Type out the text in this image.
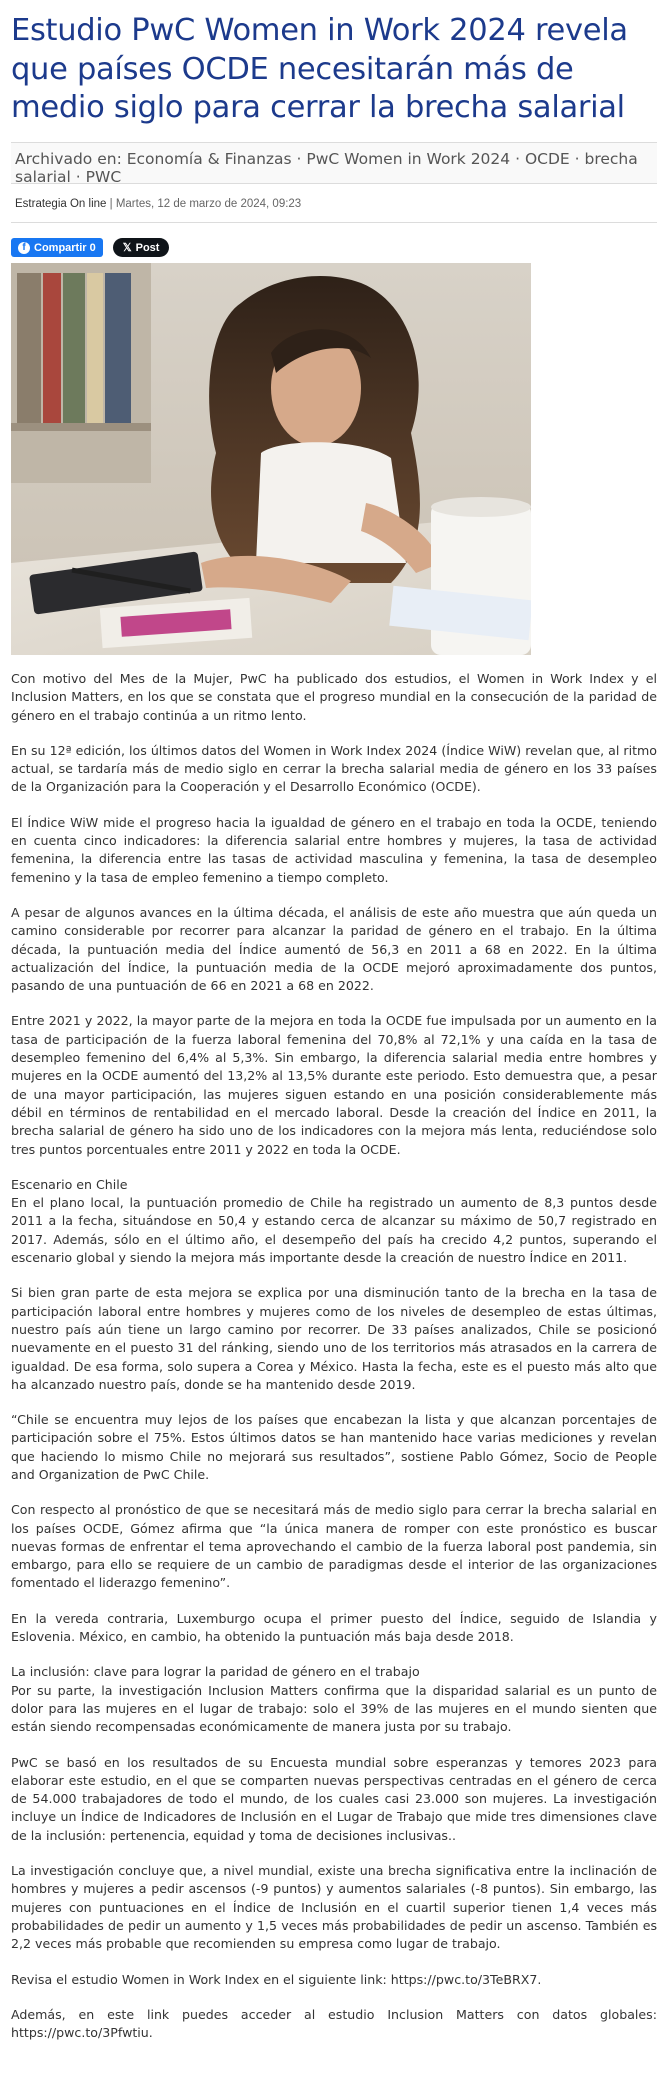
Estudio PwC Women in Work 2024 revela que países OCDE necesitarán más de medio siglo para cerrar la brecha salarial

Archivado en: Economía & Finanzas · PwC Women in Work 2024 · OCDE · brecha salarial · PWC

Estrategia On line | Martes, 12 de marzo de 2024, 09:23
f Compartir 0 𝕏 Post

Con motivo del Mes de la Mujer, PwC ha publicado dos estudios, el Women in Work Index y el Inclusion Matters, en los que se constata que el progreso mundial en la consecución de la paridad de género en el trabajo continúa a un ritmo lento.

En su 12ª edición, los últimos datos del Women in Work Index 2024 (Índice WiW) revelan que, al ritmo actual, se tardaría más de medio siglo en cerrar la brecha salarial media de género en los 33 países de la Organización para la Cooperación y el Desarrollo Económico (OCDE).

El Índice WiW mide el progreso hacia la igualdad de género en el trabajo en toda la OCDE, teniendo en cuenta cinco indicadores: la diferencia salarial entre hombres y mujeres, la tasa de actividad femenina, la diferencia entre las tasas de actividad masculina y femenina, la tasa de desempleo femenino y la tasa de empleo femenino a tiempo completo.

A pesar de algunos avances en la última década, el análisis de este año muestra que aún queda un camino considerable por recorrer para alcanzar la paridad de género en el trabajo. En la última década, la puntuación media del Índice aumentó de 56,3 en 2011 a 68 en 2022. En la última actualización del Índice, la puntuación media de la OCDE mejoró aproximadamente dos puntos, pasando de una puntuación de 66 en 2021 a 68 en 2022.

Entre 2021 y 2022, la mayor parte de la mejora en toda la OCDE fue impulsada por un aumento en la tasa de participación de la fuerza laboral femenina del 70,8% al 72,1% y una caída en la tasa de desempleo femenino del 6,4% al 5,3%. Sin embargo, la diferencia salarial media entre hombres y mujeres en la OCDE aumentó del 13,2% al 13,5% durante este periodo. Esto demuestra que, a pesar de una mayor participación, las mujeres siguen estando en una posición considerablemente más débil en términos de rentabilidad en el mercado laboral. Desde la creación del Índice en 2011, la brecha salarial de género ha sido uno de los indicadores con la mejora más lenta, reduciéndose solo tres puntos porcentuales entre 2011 y 2022 en toda la OCDE.

Escenario en Chile

En el plano local, la puntuación promedio de Chile ha registrado un aumento de 8,3 puntos desde 2011 a la fecha, situándose en 50,4 y estando cerca de alcanzar su máximo de 50,7 registrado en 2017. Además, sólo en el último año, el desempeño del país ha crecido 4,2 puntos, superando el escenario global y siendo la mejora más importante desde la creación de nuestro Índice en 2011.

Si bien gran parte de esta mejora se explica por una disminución tanto de la brecha en la tasa de participación laboral entre hombres y mujeres como de los niveles de desempleo de estas últimas, nuestro país aún tiene un largo camino por recorrer. De 33 países analizados, Chile se posicionó nuevamente en el puesto 31 del ránking, siendo uno de los territorios más atrasados en la carrera de igualdad. De esa forma, solo supera a Corea y México. Hasta la fecha, este es el puesto más alto que ha alcanzado nuestro país, donde se ha mantenido desde 2019.

“Chile se encuentra muy lejos de los países que encabezan la lista y que alcanzan porcentajes de participación sobre el 75%. Estos últimos datos se han mantenido hace varias mediciones y revelan que haciendo lo mismo Chile no mejorará sus resultados”, sostiene Pablo Gómez, Socio de People and Organization de PwC Chile.

Con respecto al pronóstico de que se necesitará más de medio siglo para cerrar la brecha salarial en los países OCDE, Gómez afirma que “la única manera de romper con este pronóstico es buscar nuevas formas de enfrentar el tema aprovechando el cambio de la fuerza laboral post pandemia, sin embargo, para ello se requiere de un cambio de paradigmas desde el interior de las organizaciones fomentado el liderazgo femenino”.

En la vereda contraria, Luxemburgo ocupa el primer puesto del Índice, seguido de Islandia y Eslovenia. México, en cambio, ha obtenido la puntuación más baja desde 2018.

La inclusión: clave para lograr la paridad de género en el trabajo

Por su parte, la investigación Inclusion Matters confirma que la disparidad salarial es un punto de dolor para las mujeres en el lugar de trabajo: solo el 39% de las mujeres en el mundo sienten que están siendo recompensadas económicamente de manera justa por su trabajo.

PwC se basó en los resultados de su Encuesta mundial sobre esperanzas y temores 2023 para elaborar este estudio, en el que se comparten nuevas perspectivas centradas en el género de cerca de 54.000 trabajadores de todo el mundo, de los cuales casi 23.000 son mujeres. La investigación incluye un Índice de Indicadores de Inclusión en el Lugar de Trabajo que mide tres dimensiones clave de la inclusión: pertenencia, equidad y toma de decisiones inclusivas..

La investigación concluye que, a nivel mundial, existe una brecha significativa entre la inclinación de hombres y mujeres a pedir ascensos (-9 puntos) y aumentos salariales (-8 puntos). Sin embargo, las mujeres con puntuaciones en el Índice de Inclusión en el cuartil superior tienen 1,4 veces más probabilidades de pedir un aumento y 1,5 veces más probabilidades de pedir un ascenso. También es 2,2 veces más probable que recomienden su empresa como lugar de trabajo.

Revisa el estudio Women in Work Index en el siguiente link: https://pwc.to/3TeBRX7.

Además, en este link puedes acceder al estudio Inclusion Matters con datos globales: https://pwc.to/3Pfwtiu.
